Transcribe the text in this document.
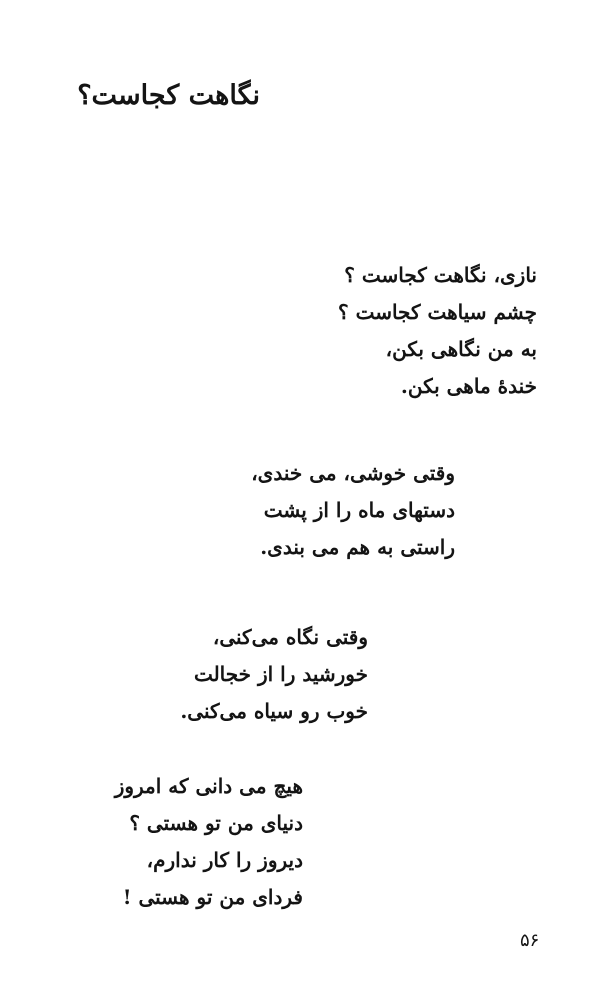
نگاهت کجاست؟
نازی، نگاهت کجاست ؟
چشم سیاهت کجاست ؟
به من نگاهی بکن،
خندهٔ ماهی بکن.
وقتی خوشی، می خندی،
دستهای ماه را از پشت
راستی به هم می بندی.
وقتی نگاه می‌کنی،
خورشید را از خجالت
خوب رو سیاه می‌کنی.
هیچ می دانی که امروز
دنیای من تو هستی ؟
دیروز را کار ندارم،
فردای من تو هستی !
۵۶
